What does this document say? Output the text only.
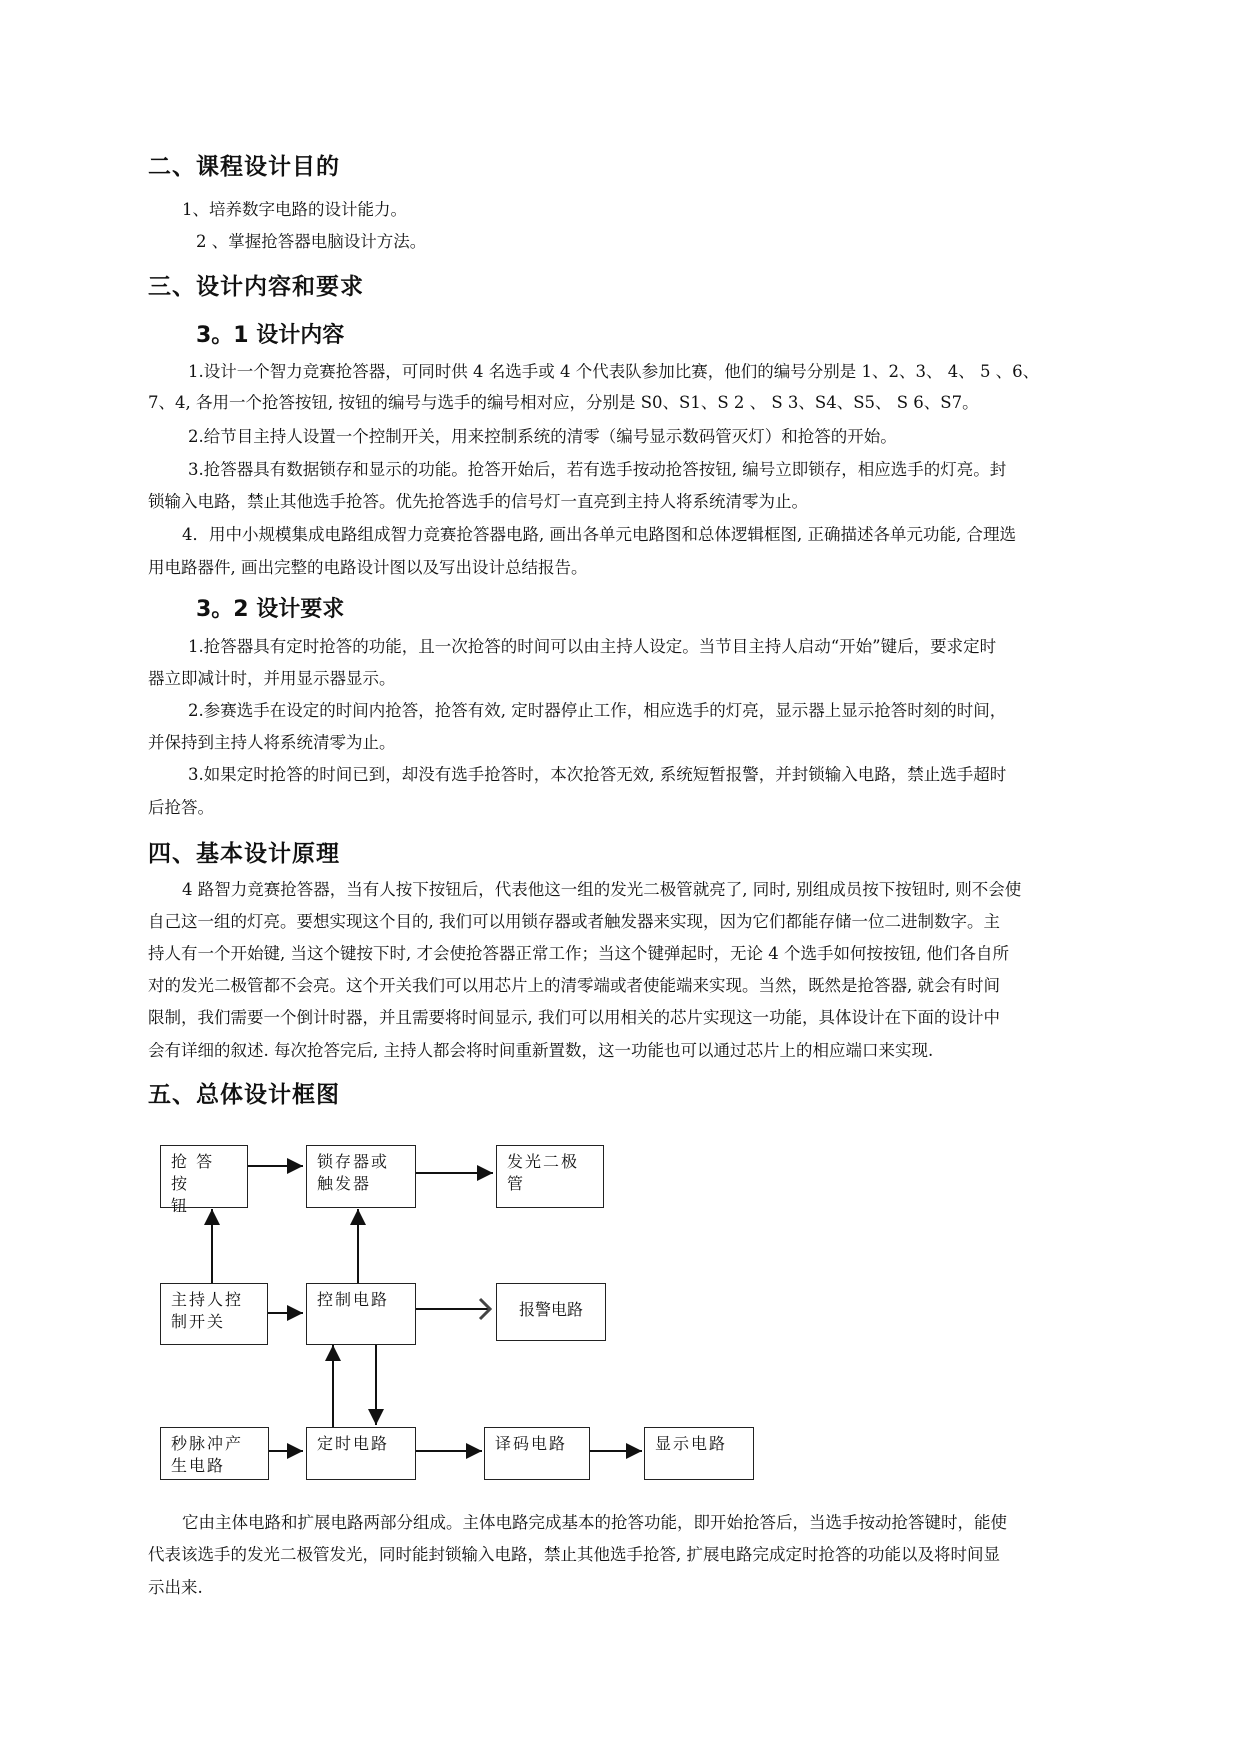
二、课程设计目的
1、培养数字电路的设计能力。
2 、掌握抢答器电脑设计方法。
三、设计内容和要求
3。1 设计内容
1.设计一个智力竞赛抢答器，可同时供 4 名选手或 4 个代表队参加比赛，他们的编号分别是 1、2、3、 4、 5 、6、
7、4, 各用一个抢答按钮, 按钮的编号与选手的编号相对应，分别是 S0、S1、S 2 、 S 3、S4、S5、 S 6、S7。
2.给节目主持人设置一个控制开关，用来控制系统的清零（编号显示数码管灭灯）和抢答的开始。
3.抢答器具有数据锁存和显示的功能。抢答开始后，若有选手按动抢答按钮, 编号立即锁存，相应选手的灯亮。封
锁输入电路，禁止其他选手抢答。优先抢答选手的信号灯一直亮到主持人将系统清零为止。
4．用中小规模集成电路组成智力竞赛抢答器电路, 画出各单元电路图和总体逻辑框图, 正确描述各单元功能, 合理选
用电路器件, 画出完整的电路设计图以及写出设计总结报告。
3。2 设计要求
1.抢答器具有定时抢答的功能，且一次抢答的时间可以由主持人设定。当节目主持人启动“开始”键后，要求定时
器立即减计时，并用显示器显示。
2.参赛选手在设定的时间内抢答，抢答有效, 定时器停止工作，相应选手的灯亮，显示器上显示抢答时刻的时间，
并保持到主持人将系统清零为止。
3.如果定时抢答的时间已到，却没有选手抢答时，本次抢答无效, 系统短暂报警，并封锁输入电路，禁止选手超时
后抢答。
四、基本设计原理
4 路智力竞赛抢答器，当有人按下按钮后，代表他这一组的发光二极管就亮了, 同时, 别组成员按下按钮时, 则不会使
自己这一组的灯亮。要想实现这个目的, 我们可以用锁存器或者触发器来实现，因为它们都能存储一位二进制数字。主
持人有一个开始键, 当这个键按下时, 才会使抢答器正常工作；当这个键弹起时，无论 4 个选手如何按按钮, 他们各自所
对的发光二极管都不会亮。这个开关我们可以用芯片上的清零端或者使能端来实现。当然，既然是抢答器, 就会有时间
限制，我们需要一个倒计时器，并且需要将时间显示, 我们可以用相关的芯片实现这一功能，具体设计在下面的设计中
会有详细的叙述. 每次抢答完后, 主持人都会将时间重新置数，这一功能也可以通过芯片上的相应端口来实现.
五、总体设计框图
抢 答 按
钮
锁存器或
触发器
发光二极
管
主持人控
制开关
控制电路
报警电路
秒脉冲产
生电路
定时电路	译码电路	显示电路
它由主体电路和扩展电路两部分组成。主体电路完成基本的抢答功能，即开始抢答后，当选手按动抢答键时，能使
代表该选手的发光二极管发光，同时能封锁输入电路，禁止其他选手抢答, 扩展电路完成定时抢答的功能以及将时间显
示出来.
